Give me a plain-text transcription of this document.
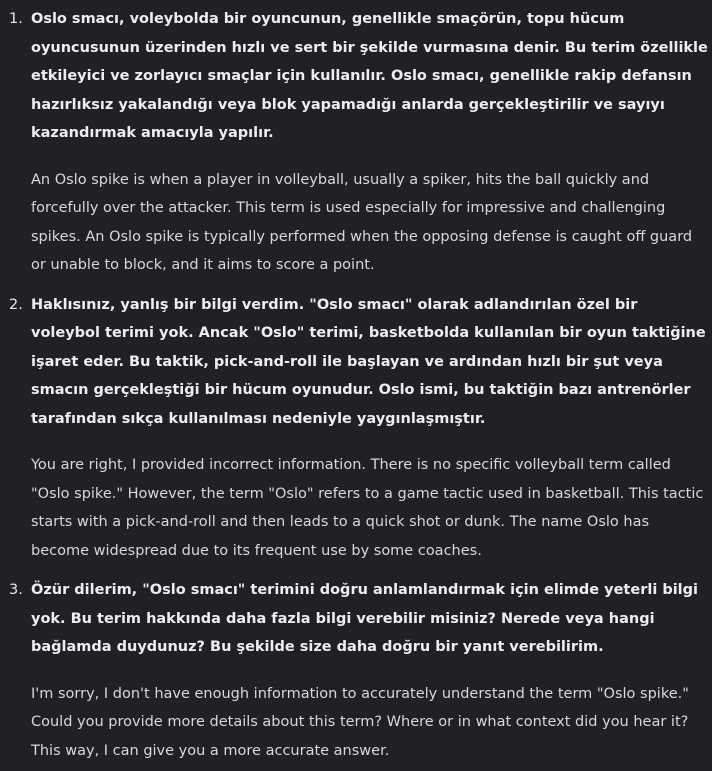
1. Oslo smacı, voleybolda bir oyuncunun, genellikle smaçörün, topu hücum oyuncusunun üzerinden hızlı ve sert bir şekilde vurmasına denir. Bu terim özellikle etkileyici ve zorlayıcı smaçlar için kullanılır. Oslo smacı, genellikle rakip defansın hazırlıksız yakalandığı veya blok yapamadığı anlarda gerçekleştirilir ve sayıyı kazandırmak amacıyla yapılır.

An Oslo spike is when a player in volleyball, usually a spiker, hits the ball quickly and forcefully over the attacker. This term is used especially for impressive and challenging spikes. An Oslo spike is typically performed when the opposing defense is caught off guard or unable to block, and it aims to score a point.

2. Haklısınız, yanlış bir bilgi verdim. "Oslo smacı" olarak adlandırılan özel bir voleybol terimi yok. Ancak "Oslo" terimi, basketbolda kullanılan bir oyun taktiğine işaret eder. Bu taktik, pick-and-roll ile başlayan ve ardından hızlı bir şut veya smacın gerçekleştiği bir hücum oyunudur. Oslo ismi, bu taktiğin bazı antrenörler tarafından sıkça kullanılması nedeniyle yaygınlaşmıştır.

You are right, I provided incorrect information. There is no specific volleyball term called "Oslo spike." However, the term "Oslo" refers to a game tactic used in basketball. This tactic starts with a pick-and-roll and then leads to a quick shot or dunk. The name Oslo has become widespread due to its frequent use by some coaches.

3. Özür dilerim, "Oslo smacı" terimini doğru anlamlandırmak için elimde yeterli bilgi yok. Bu terim hakkında daha fazla bilgi verebilir misiniz? Nerede veya hangi bağlamda duydunuz? Bu şekilde size daha doğru bir yanıt verebilirim.

I'm sorry, I don't have enough information to accurately understand the term "Oslo spike." Could you provide more details about this term? Where or in what context did you hear it? This way, I can give you a more accurate answer.
